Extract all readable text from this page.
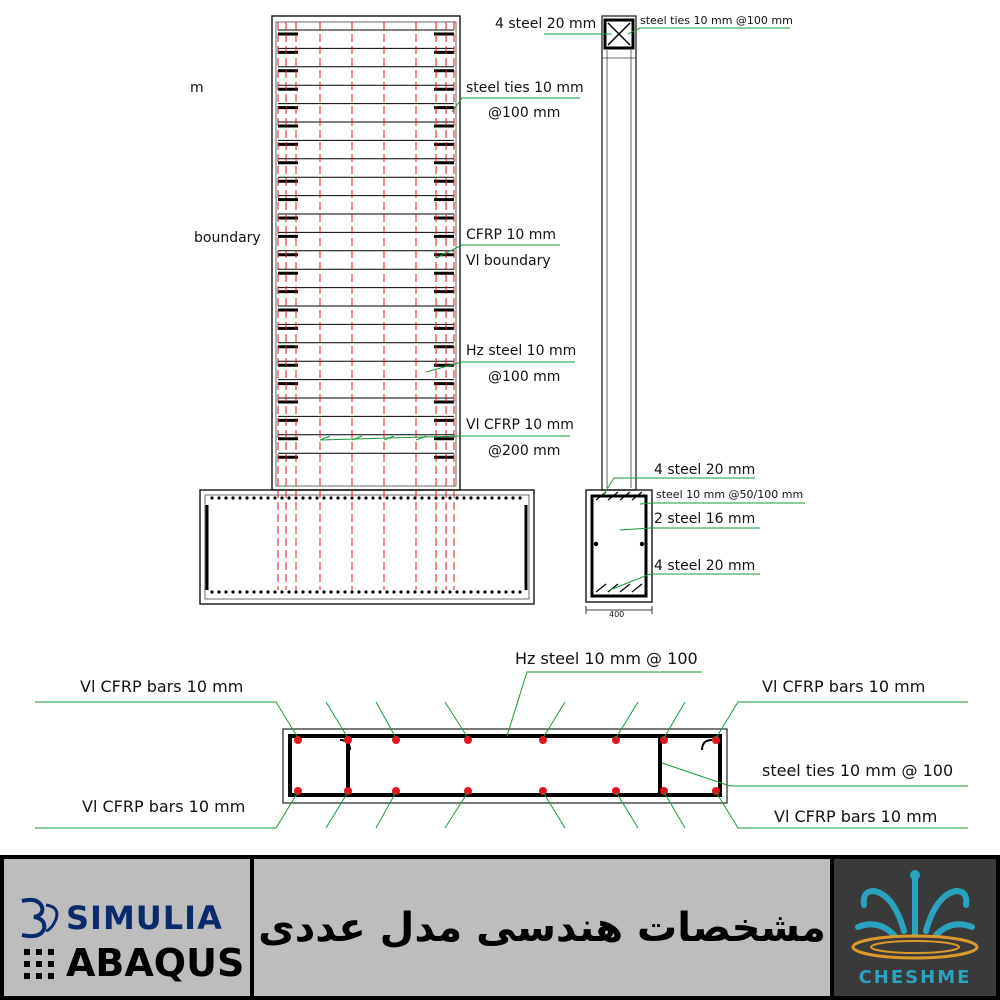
m
boundary
steel ties 10 mm
@100 mm
CFRP 10 mm
Vl boundary
Hz steel 10 mm
@100 mm
Vl CFRP 10 mm
@200 mm
400
4 steel 20 mm	steel ties 10 mm @100 mm
4 steel 20 mm
steel 10 mm @50/100 mm
2 steel 16 mm
4 steel 20 mm
Hz steel 10 mm @ 100
Vl CFRP bars 10 mm	Vl CFRP bars 10 mm
steel ties 10 mm @ 100
Vl CFRP bars 10 mm
Vl CFRP bars 10 mm
SIMULIA
ABAQUS
مشخصات هندسی مدل عددی
CHESHME
